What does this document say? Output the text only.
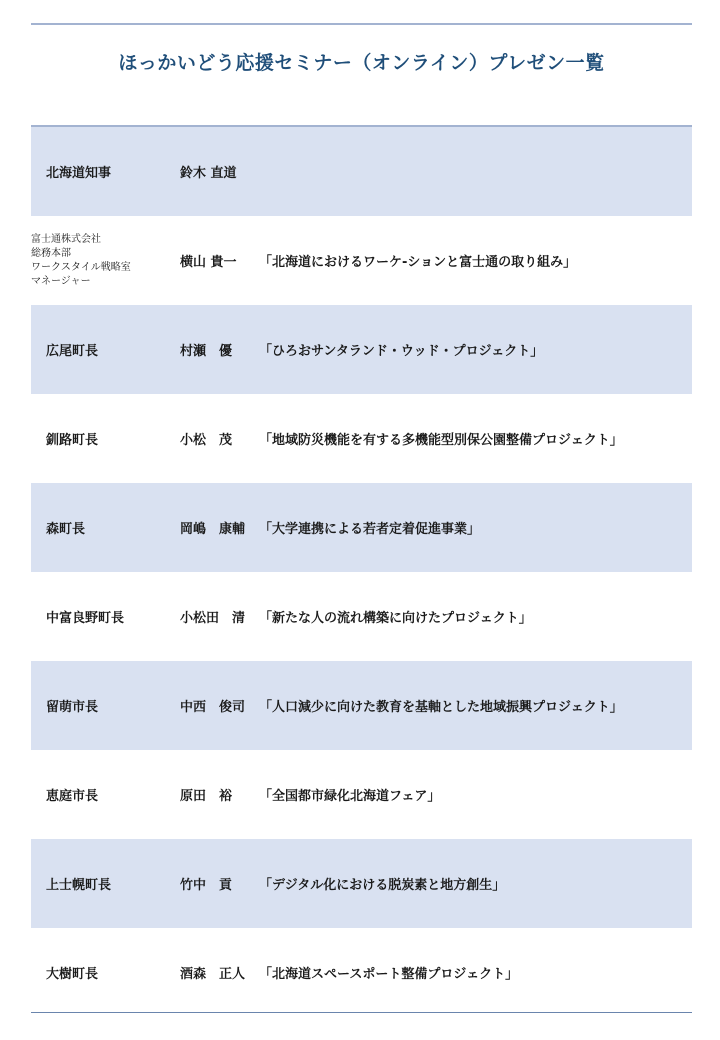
ほっかいどう応援セミナー（オンライン）プレゼン一覧
北海道知事	鈴木 直道
富士通株式会社
総務本部
ワークスタイル戦略室
マネージャー
横山 貴一	「北海道におけるワーケ-ションと富士通の取り組み」
広尾町長	村瀬　優	「ひろおサンタランド・ウッド・プロジェクト」
釧路町長	小松　茂	「地域防災機能を有する多機能型別保公園整備プロジェクト」
森町長	岡嶋　康輔	「大学連携による若者定着促進事業」
中富良野町長	小松田　清	「新たな人の流れ構築に向けたプロジェクト」
留萌市長	中西　俊司	「人口減少に向けた教育を基軸とした地域振興プロジェクト」
恵庭市長	原田　裕	「全国都市緑化北海道フェア」
上士幌町長	竹中　貢	「デジタル化における脱炭素と地方創生」
大樹町長	酒森　正人	「北海道スペースポート整備プロジェクト」
